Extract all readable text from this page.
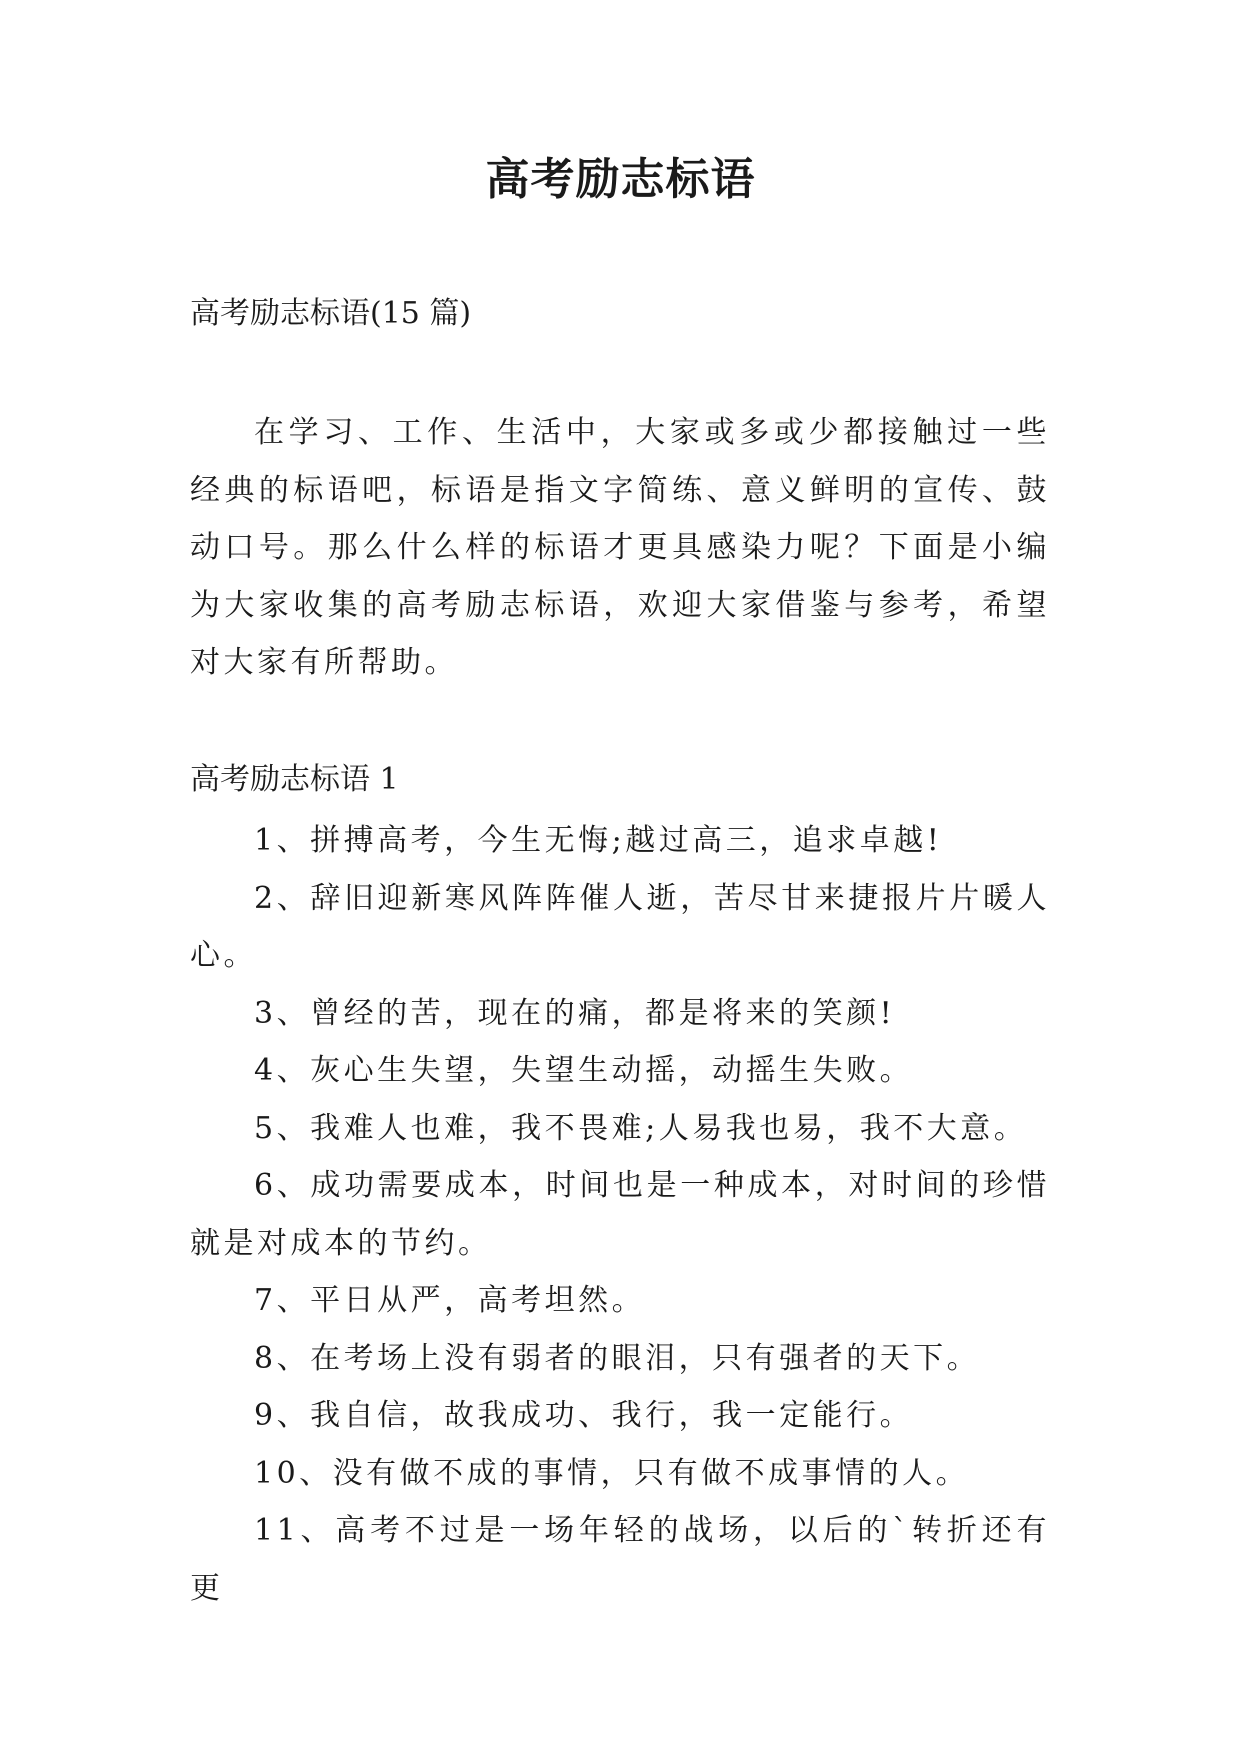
高考励志标语
高考励志标语(15 篇)

在学习、工作、生活中，大家或多或少都接触过一些经典的标语吧，标语是指文字简练、意义鲜明的宣传、鼓动口号。那么什么样的标语才更具感染力呢？下面是小编为大家收集的高考励志标语，欢迎大家借鉴与参考，希望对大家有所帮助。

高考励志标语 1
1、拼搏高考，今生无悔;越过高三，追求卓越!
2、辞旧迎新寒风阵阵催人逝，苦尽甘来捷报片片暖人心。
3、曾经的苦，现在的痛，都是将来的笑颜!
4、灰心生失望，失望生动摇，动摇生失败。
5、我难人也难，我不畏难;人易我也易，我不大意。
6、成功需要成本，时间也是一种成本，对时间的珍惜就是对成本的节约。
7、平日从严，高考坦然。
8、在考场上没有弱者的眼泪，只有强者的天下。
9、我自信，故我成功、我行，我一定能行。
10、没有做不成的事情，只有做不成事情的人。
11、高考不过是一场年轻的战场，以后的`转折还有更
